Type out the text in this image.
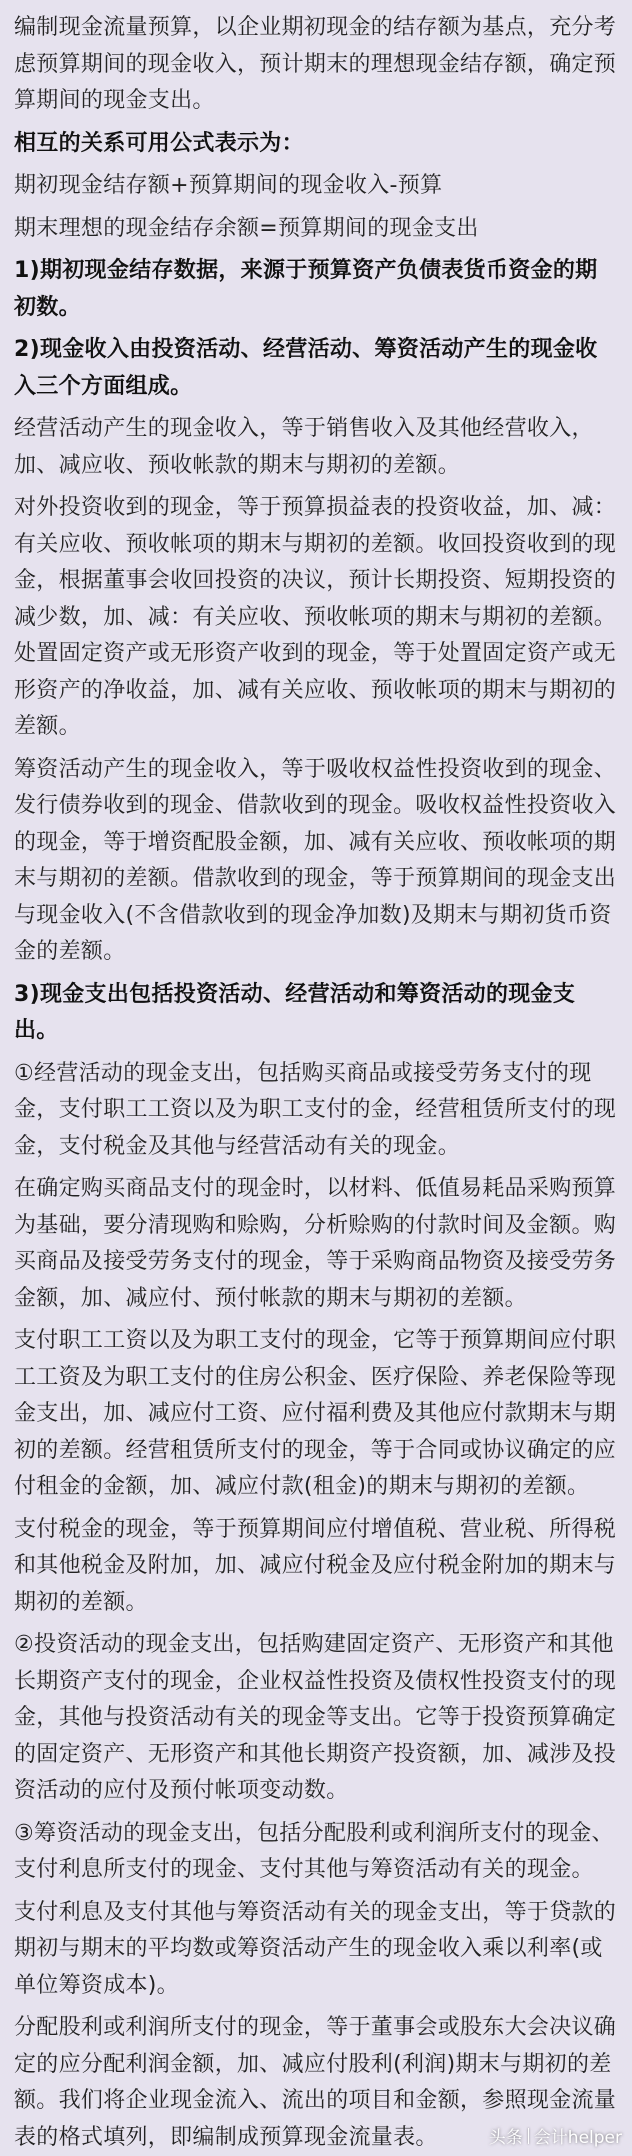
编制现金流量预算，以企业期初现金的结存额为基点，充分考虑预算期间的现金收入，预计期末的理想现金结存额，确定预算期间的现金支出。

相互的关系可用公式表示为：

期初现金结存额+预算期间的现金收入-预算

期末理想的现金结存余额=预算期间的现金支出

1)期初现金结存数据，来源于预算资产负债表货币资金的期初数。

2)现金收入由投资活动、经营活动、筹资活动产生的现金收入三个方面组成。

经营活动产生的现金收入，等于销售收入及其他经营收入，加、减应收、预收帐款的期末与期初的差额。

对外投资收到的现金，等于预算损益表的投资收益，加、减：有关应收、预收帐项的期末与期初的差额。收回投资收到的现金，根据董事会收回投资的决议，预计长期投资、短期投资的减少数，加、减：有关应收、预收帐项的期末与期初的差额。处置固定资产或无形资产收到的现金，等于处置固定资产或无形资产的净收益，加、减有关应收、预收帐项的期末与期初的差额。

筹资活动产生的现金收入，等于吸收权益性投资收到的现金、发行债券收到的现金、借款收到的现金。吸收权益性投资收入的现金，等于增资配股金额，加、减有关应收、预收帐项的期末与期初的差额。借款收到的现金，等于预算期间的现金支出与现金收入(不含借款收到的现金净加数)及期末与期初货币资金的差额。

3)现金支出包括投资活动、经营活动和筹资活动的现金支出。

①经营活动的现金支出，包括购买商品或接受劳务支付的现金，支付职工工资以及为职工支付的金，经营租赁所支付的现金，支付税金及其他与经营活动有关的现金。

在确定购买商品支付的现金时，以材料、低值易耗品采购预算为基础，要分清现购和赊购，分析赊购的付款时间及金额。购买商品及接受劳务支付的现金，等于采购商品物资及接受劳务金额，加、减应付、预付帐款的期末与期初的差额。

支付职工工资以及为职工支付的现金，它等于预算期间应付职工工资及为职工支付的住房公积金、医疗保险、养老保险等现金支出，加、减应付工资、应付福利费及其他应付款期末与期初的差额。经营租赁所支付的现金，等于合同或协议确定的应付租金的金额，加、减应付款(租金)的期末与期初的差额。

支付税金的现金，等于预算期间应付增值税、营业税、所得税和其他税金及附加，加、减应付税金及应付税金附加的期末与期初的差额。

②投资活动的现金支出，包括购建固定资产、无形资产和其他长期资产支付的现金，企业权益性投资及债权性投资支付的现金，其他与投资活动有关的现金等支出。它等于投资预算确定的固定资产、无形资产和其他长期资产投资额，加、减涉及投资活动的应付及预付帐项变动数。

③筹资活动的现金支出，包括分配股利或利润所支付的现金、支付利息所支付的现金、支付其他与筹资活动有关的现金。

支付利息及支付其他与筹资活动有关的现金支出，等于贷款的期初与期末的平均数或筹资活动产生的现金收入乘以利率(或单位筹资成本)。

分配股利或利润所支付的现金，等于董事会或股东大会决议确定的应分配利润金额，加、减应付股利(利润)期末与期初的差额。我们将企业现金流入、流出的项目和金额，参照现金流量表的格式填列，即编制成预算现金流量表。	头条 会计helper
